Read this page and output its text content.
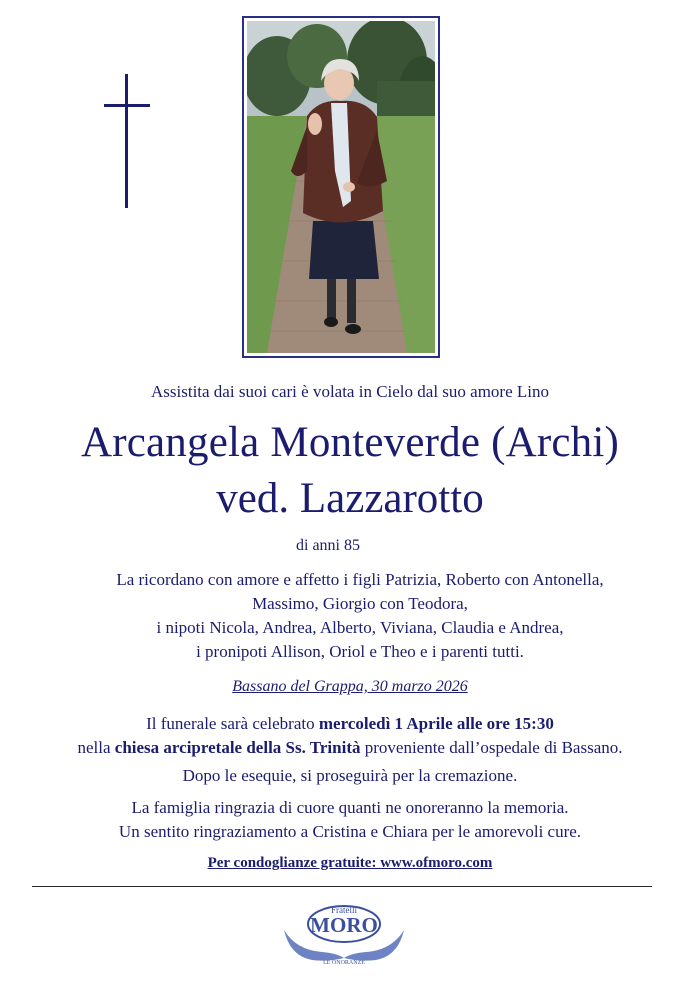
Assistita dai suoi cari è volata in Cielo dal suo amore Lino
Arcangela Monteverde (Archi)
ved. Lazzarotto
di anni 85
La ricordano con amore e affetto i figli Patrizia, Roberto con Antonella,
Massimo, Giorgio con Teodora,
i nipoti Nicola, Andrea, Alberto, Viviana, Claudia e Andrea,
i pronipoti Allison, Oriol e Theo e i parenti tutti.
Bassano del Grappa, 30 marzo 2026
Il funerale sarà celebrato mercoledì 1 Aprile alle ore 15:30
nella chiesa arcipretale della Ss. Trinità proveniente dall’ospedale di Bassano.
Dopo le esequie, si proseguirà per la cremazione.
La famiglia ringrazia di cuore quanti ne onoreranno la memoria.
Un sentito ringraziamento a Cristina e Chiara per le amorevoli cure.
Per condoglianze gratuite: www.ofmoro.com
Fratelli
MORO
LE ONORANZE
